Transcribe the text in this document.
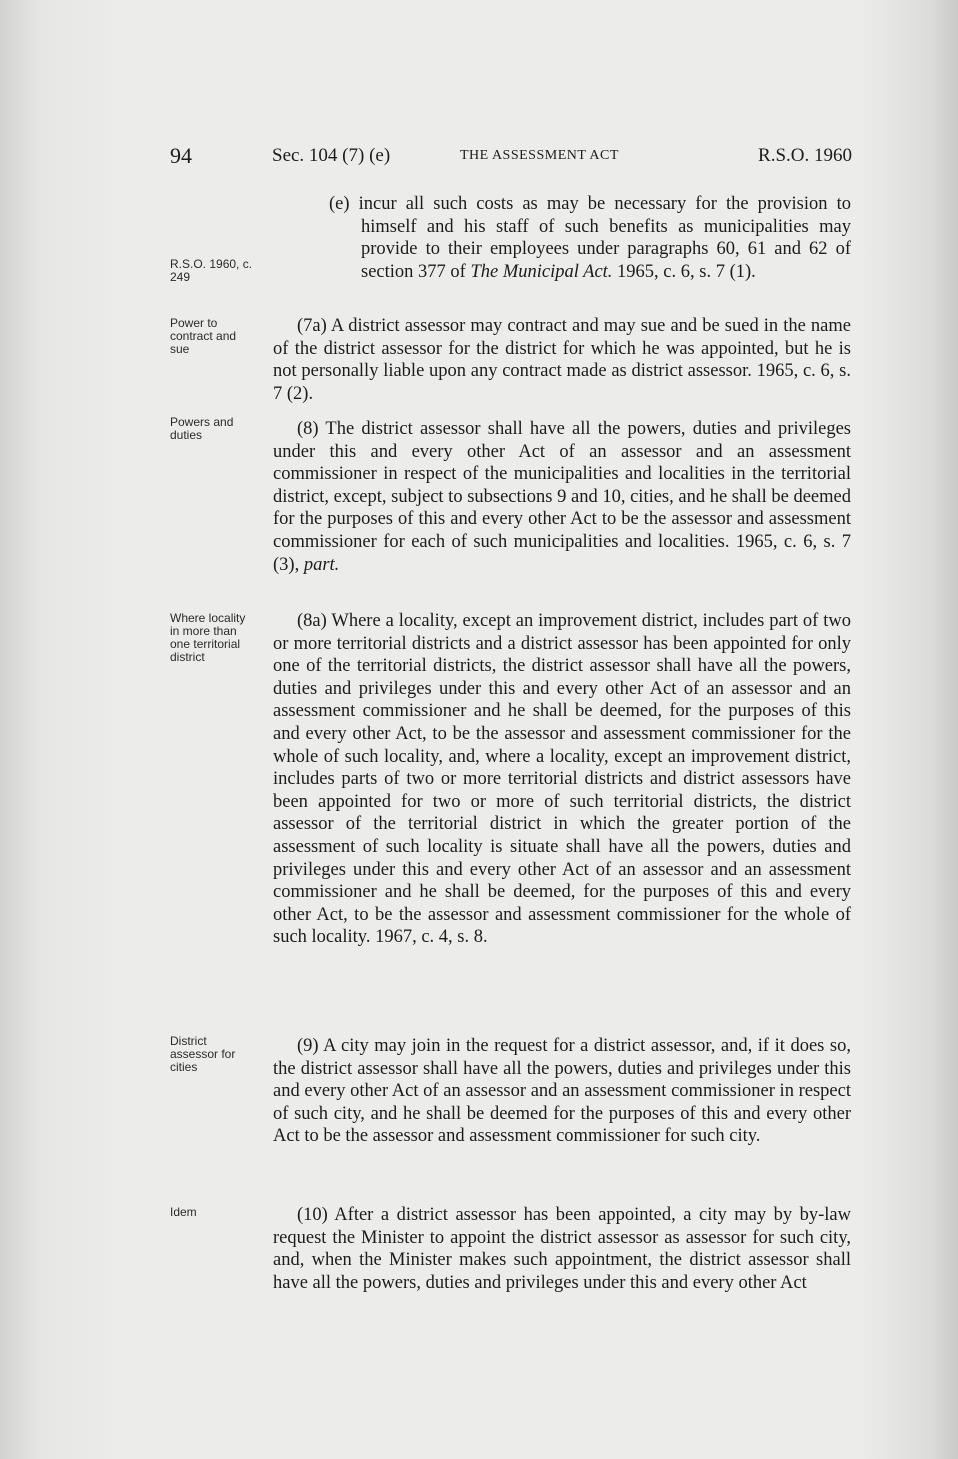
94	Sec. 104 (7) (e)	THE ASSESSMENT ACT	R.S.O. 1960
R.S.O. 1960, c. 249
Power to contract and sue
Powers and duties
Where locality in more than one territorial district
District assessor for cities
Idem

(e) incur all such costs as may be necessary for the provision to himself and his staff of such benefits as municipalities may provide to their employees under paragraphs 60, 61 and 62 of section 377 of The Municipal Act. 1965, c. 6, s. 7 (1).

(7a) A district assessor may contract and may sue and be sued in the name of the district assessor for the district for which he was appointed, but he is not personally liable upon any contract made as district assessor. 1965, c. 6, s. 7 (2).

(8) The district assessor shall have all the powers, duties and privileges under this and every other Act of an assessor and an assessment commissioner in respect of the municipalities and localities in the territorial district, except, subject to subsections 9 and 10, cities, and he shall be deemed for the purposes of this and every other Act to be the assessor and assessment commissioner for each of such municipalities and localities. 1965, c. 6, s. 7 (3), part.

(8a) Where a locality, except an improvement district, includes part of two or more territorial districts and a district assessor has been appointed for only one of the territorial districts, the district assessor shall have all the powers, duties and privileges under this and every other Act of an assessor and an assessment commissioner and he shall be deemed, for the purposes of this and every other Act, to be the assessor and assessment commissioner for the whole of such locality, and, where a locality, except an improvement district, includes parts of two or more territorial districts and district assessors have been appointed for two or more of such territorial districts, the district assessor of the territorial district in which the greater portion of the assessment of such locality is situate shall have all the powers, duties and privileges under this and every other Act of an assessor and an assessment commissioner and he shall be deemed, for the purposes of this and every other Act, to be the assessor and assessment commissioner for the whole of such locality. 1967, c. 4, s. 8.

(9) A city may join in the request for a district assessor, and, if it does so, the district assessor shall have all the powers, duties and privileges under this and every other Act of an assessor and an assessment commissioner in respect of such city, and he shall be deemed for the purposes of this and every other Act to be the assessor and assessment commissioner for such city.

(10) After a district assessor has been appointed, a city may by by-law request the Minister to appoint the district assessor as assessor for such city, and, when the Minister makes such appointment, the district assessor shall have all the powers, duties and privileges under this and every other Act
